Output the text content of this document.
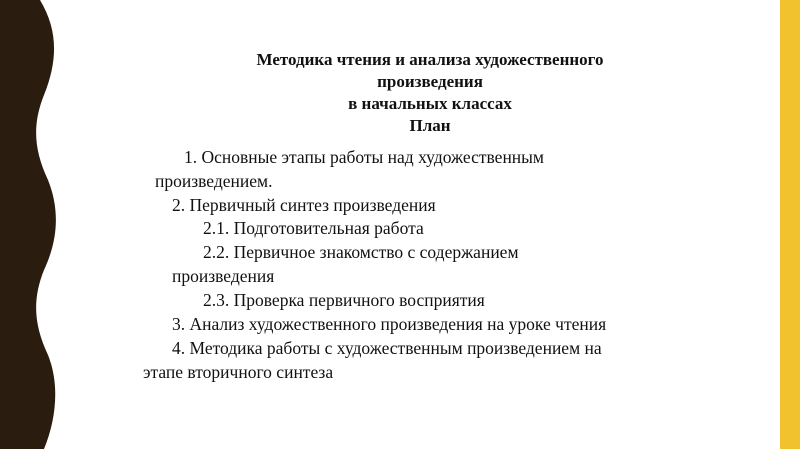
Методика чтения и анализа художественного
произведения
в начальных классах
План
1. Основные этапы работы над художественным
произведением.
2. Первичный синтез произведения
2.1. Подготовительная работа
2.2. Первичное знакомство с содержанием
произведения
2.3. Проверка первичного восприятия
3. Анализ художественного произведения на уроке чтения
4. Методика работы с художественным произведением на
этапе вторичного синтеза
